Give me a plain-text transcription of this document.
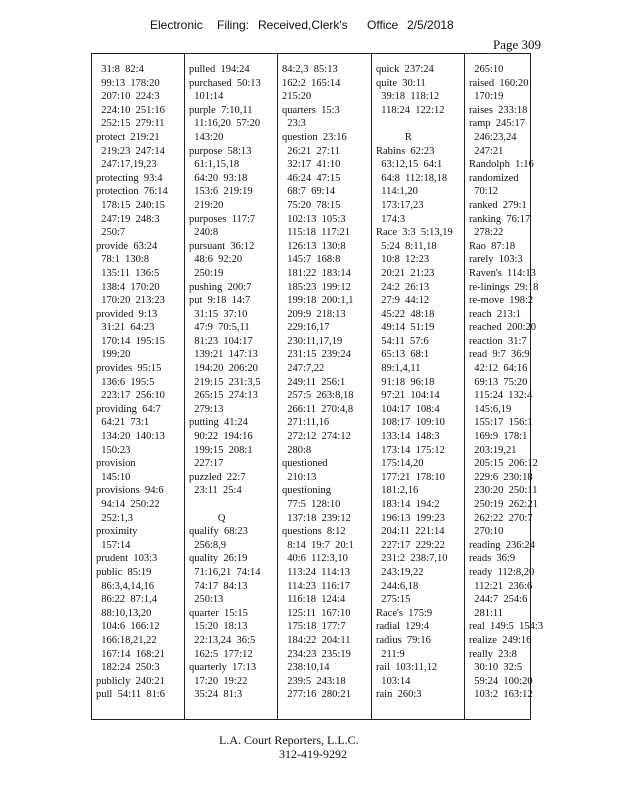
Electronic Filing: Received,Clerk's Office 2/5/2018
Page 309
31:8  82:4
99:13  178:20
207:10  224:3
224:10  251:16
252:15  279:11
protect  219:21
219:23  247:14
247:17,19,23
protecting  93:4
protection  76:14
178:15  240:15
247:19  248:3
250:7
provide  63:24
78:1  130:8
135:11  136:5
138:4  170:20
170:20  213:23
provided  9:13
31:21  64:23
170:14  195:15
199:20
provides  95:15
136:6  195:5
223:17  256:10
providing  64:7
64:21  73:1
134:20  140:13
150:23
provision
145:10
provisions  94:6
94:14  250:22
252:1,3
proximity
157:14
prudent  103:3
public  85:19
86:3,4,14,16
86:22  87:1,4
88:10,13,20
104:6  166:12
166:18,21,22
167:14  168:21
182:24  250:3
publicly  240:21
pull  54:11  81:6
pulled  194:24
purchased  50:13
101:14
purple  7:10,11
11:16,20  57:20
143:20
purpose  58:13
61:1,15,18
64:20  93:18
153:6  219:19
219:20
purposes  117:7
240:8
pursuant  36:12
48:6  92:20
250:19
pushing  200:7
put  9:18  14:7
31:15  37:10
47:9  70:5,11
81:23  104:17
139:21  147:13
194:20  206:20
219:15  231:3,5
265:15  274:13
279:13
putting  41:24
90:22  194:16
199:15  208:1
227:17
puzzled  22:7
23:11  25:4
Q
qualify  68:23
256:8,9
quality  26:19
71:16,21  74:14
74:17  84:13
250:13
quarter  15:15
15:20  18:13
22:13,24  36:5
162:5  177:12
quarterly  17:13
17:20  19:22
35:24  81:3
84:2,3  85:13
162:2  165:14
215:20
quarters  15:3
23:3
question  23:16
26:21  27:11
32:17  41:10
46:24  47:15
68:7  69:14
75:20  78:15
102:13  105:3
115:18  117:21
126:13  130:8
145:7  168:8
181:22  183:14
185:23  199:12
199:18  200:1,1
209:9  218:13
229:16,17
230:11,17,19
231:15  239:24
247:7,22
249:11  256:1
257:5  263:8,18
266:11  270:4,8
271:11,16
272:12  274:12
280:8
questioned
210:13
questioning
77:5  128:10
137:18  239:12
questions  8:12
8:14  19:7  20:1
40:6  112:3,10
113:24  114:13
114:23  116:17
116:18  124:4
125:11  167:10
175:18  177:7
184:22  204:11
234:23  235:19
238:10,14
239:5  243:18
277:16  280:21
quick  237:24
quite  30:11
39:18  118:12
118:24  122:12
R
Rabins  62:23
63:12,15  64:1
64:8  112:18,18
114:1,20
173:17,23
174:3
Race  3:3  5:13,19
5:24  8:11,18
10:8  12:23
20:21  21:23
24:2  26:13
27:9  44:12
45:22  48:18
49:14  51:19
54:11  57:6
65:13  68:1
89:1,4,11
91:18  96:18
97:21  104:14
104:17  108:4
108:17  109:10
133:14  148:3
173:14  175:12
175:14,20
177:21  178:10
181:2,16
183:14  194:2
196:13  199:23
204:11  221:14
227:17  229:22
231:2  238:7,10
243:19,22
244:6,18
275:15
Race's  175:9
radial  129:4
radius  79:16
211:9
rail  103:11,12
103:14
rain  260:3
265:10
raised  160:20
170:19
raises  233:18
ramp  245:17
246:23,24
247:21
Randolph  1:16
randomized
70:12
ranked  279:1
ranking  76:17
278:22
Rao  87:18
rarely  103:3
Raven's  114:13
re-linings  29:18
re-move  198:2
reach  213:1
reached  200:20
reaction  31:7
read  9:7  36:9
42:12  64:16
69:13  75:20
115:24  132:4
145:6,19
155:17  156:1
169:9  178:1
203:19,21
205:15  206:12
229:6  230:18
230:20  250:11
250:19  262:21
262:22  270:7
270:10
reading  236:24
reads  36:9
ready  112:8,20
112:21  236:6
244:7  254:6
281:11
real  149:5  154:3
realize  249:16
really  23:8
30:10  32:5
59:24  100:20
103:2  163:12
L.A. Court Reporters, L.L.C.
312-419-9292
